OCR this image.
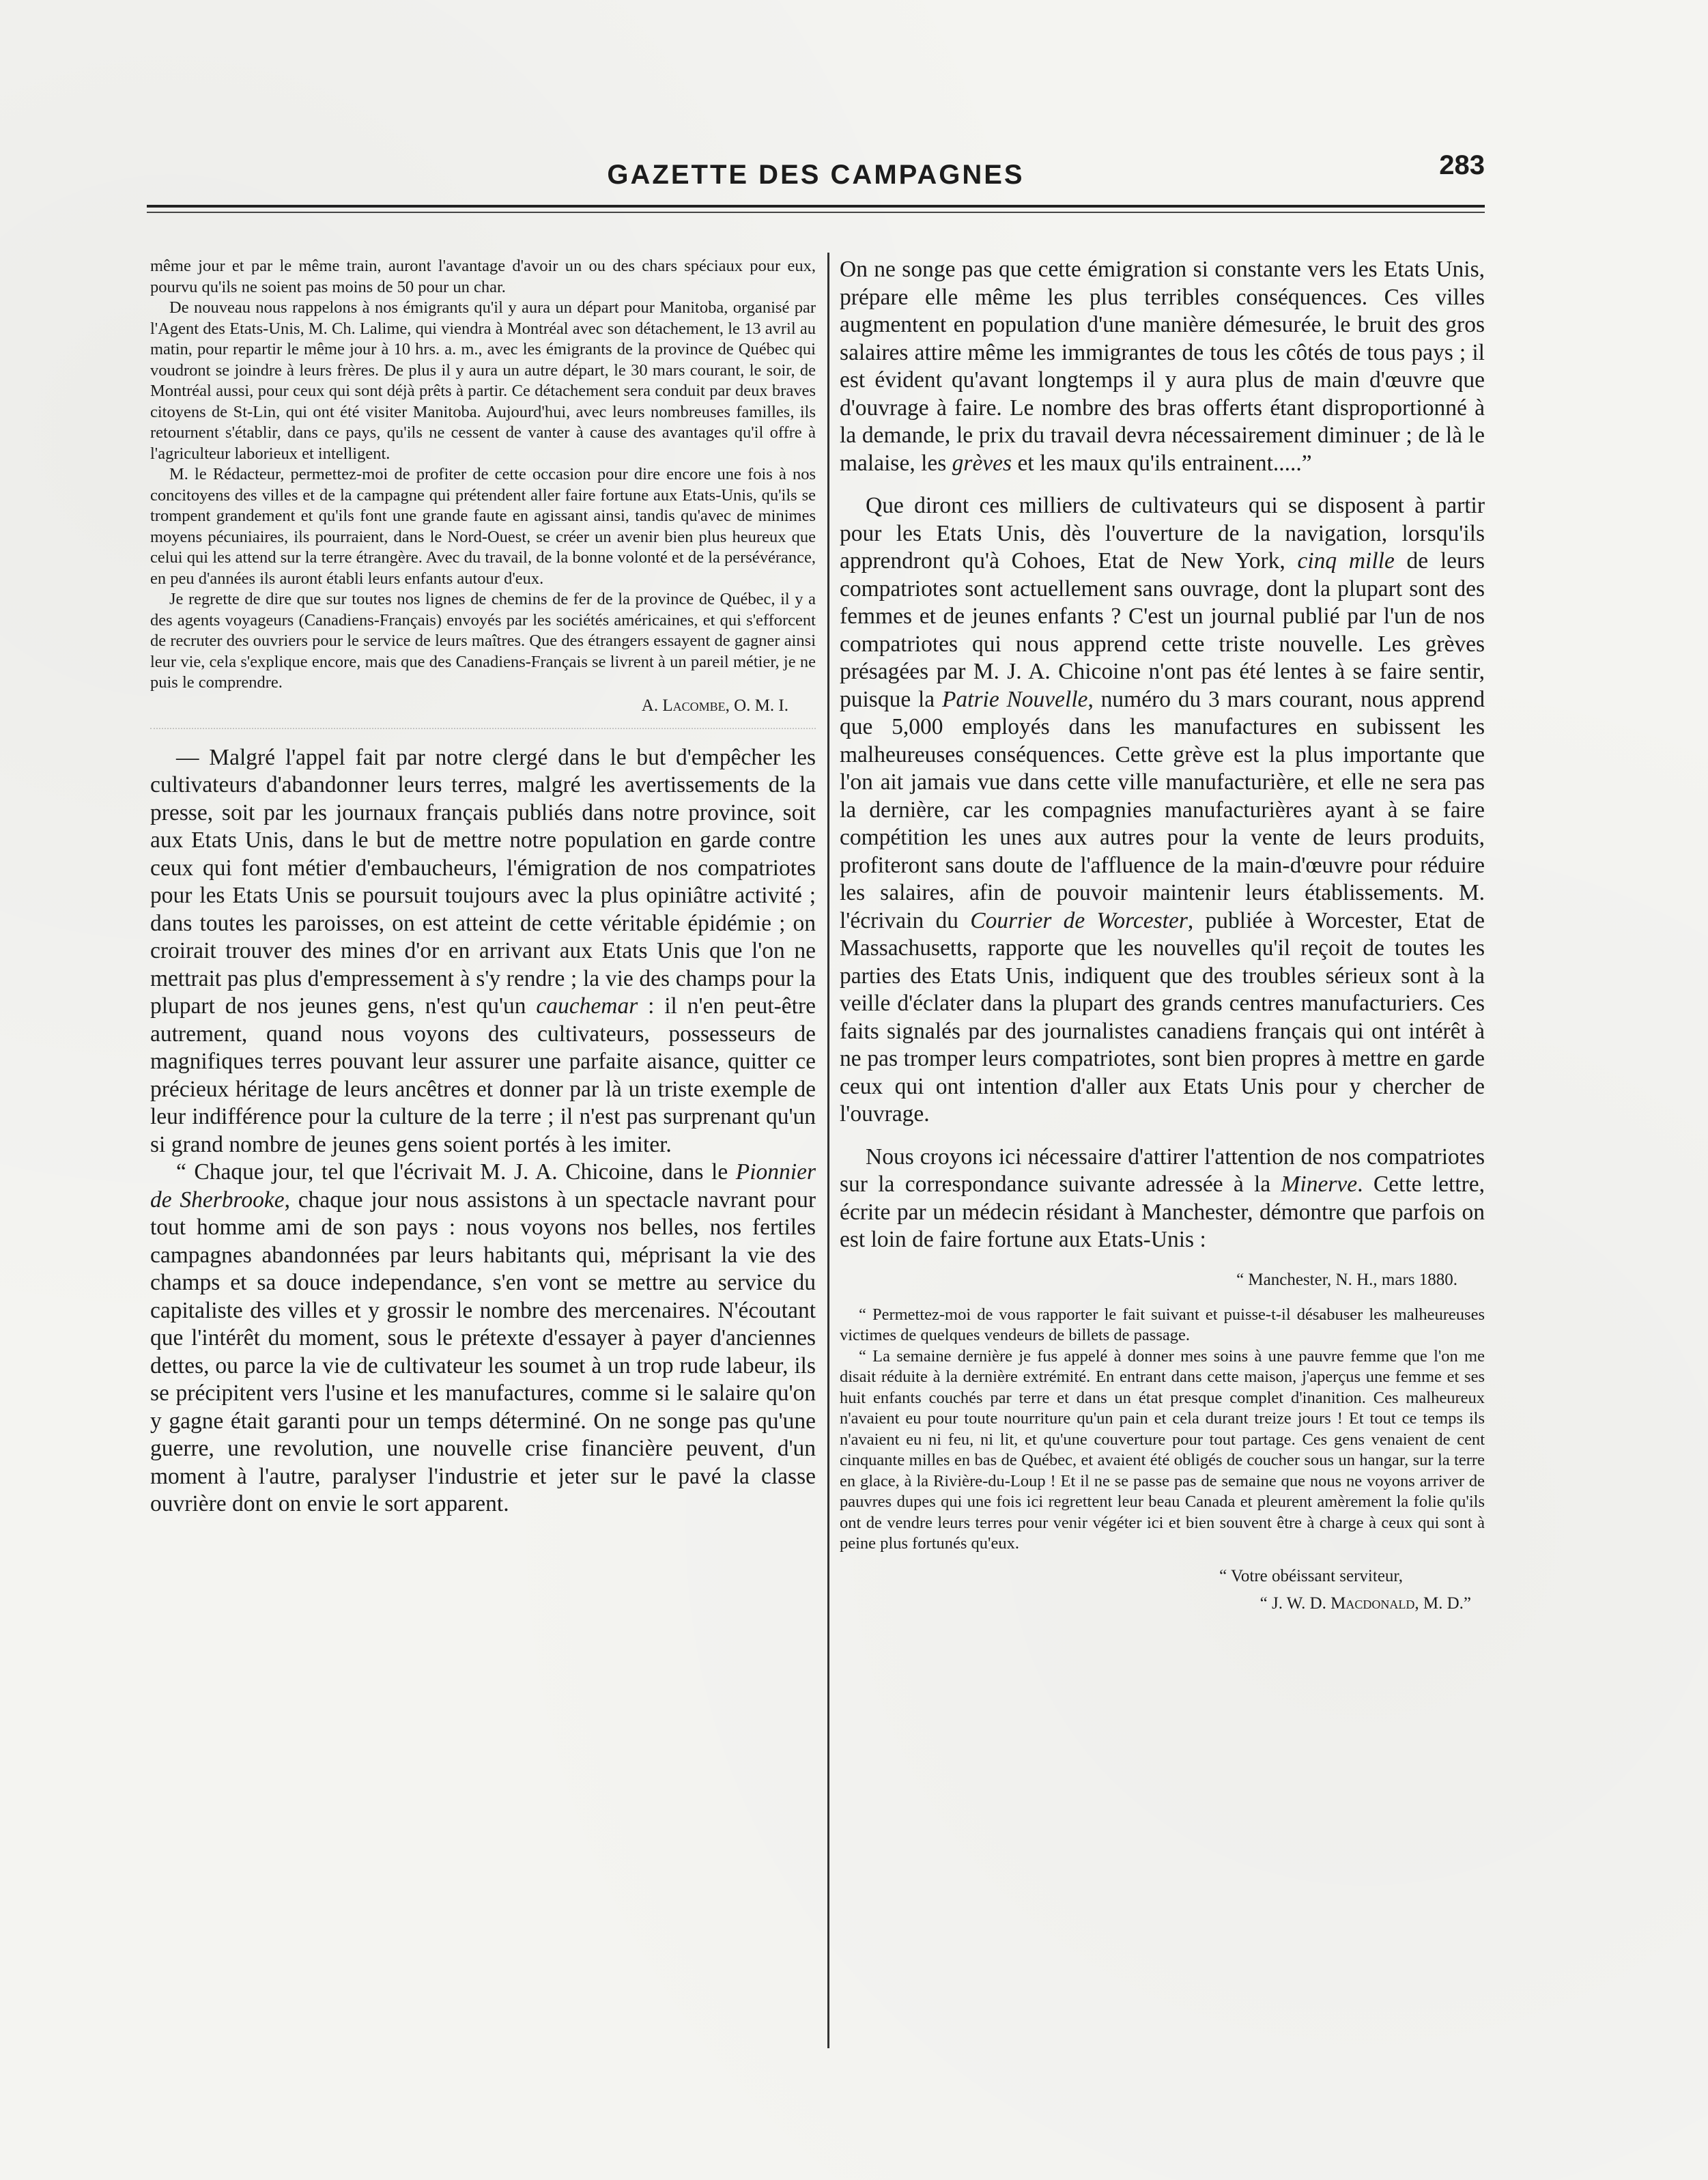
GAZETTE DES CAMPAGNES	283

même jour et par le même train, auront l'avantage d'avoir un ou des chars spéciaux pour eux, pourvu qu'ils ne soient pas moins de 50 pour un char.

De nouveau nous rappelons à nos émigrants qu'il y aura un départ pour Manitoba, organisé par l'Agent des Etats-Unis, M. Ch. Lalime, qui viendra à Montréal avec son détachement, le 13 avril au matin, pour repartir le même jour à 10 hrs. a. m., avec les émigrants de la province de Québec qui voudront se joindre à leurs frères. De plus il y aura un autre départ, le 30 mars courant, le soir, de Montréal aussi, pour ceux qui sont déjà prêts à partir. Ce détachement sera conduit par deux braves citoyens de St-Lin, qui ont été visiter Manitoba. Aujourd'hui, avec leurs nombreuses familles, ils retournent s'établir, dans ce pays, qu'ils ne cessent de vanter à cause des avantages qu'il offre à l'agriculteur laborieux et intelligent.

M. le Rédacteur, permettez-moi de profiter de cette occasion pour dire encore une fois à nos concitoyens des villes et de la campagne qui prétendent aller faire fortune aux Etats-Unis, qu'ils se trompent grandement et qu'ils font une grande faute en agissant ainsi, tandis qu'avec de minimes moyens pécuniaires, ils pourraient, dans le Nord-Ouest, se créer un avenir bien plus heureux que celui qui les attend sur la terre étrangère. Avec du travail, de la bonne volonté et de la persévérance, en peu d'années ils auront établi leurs enfants autour d'eux.

Je regrette de dire que sur toutes nos lignes de chemins de fer de la province de Québec, il y a des agents voyageurs (Canadiens-Français) envoyés par les sociétés américaines, et qui s'efforcent de recruter des ouvriers pour le service de leurs maîtres. Que des étrangers essayent de gagner ainsi leur vie, cela s'explique encore, mais que des Canadiens-Français se livrent à un pareil métier, je ne puis le comprendre.

A. Lacombe, O. M. I.

— Malgré l'appel fait par notre clergé dans le but d'empêcher les cultivateurs d'abandonner leurs terres, malgré les avertissements de la presse, soit par les journaux français publiés dans notre province, soit aux Etats Unis, dans le but de mettre notre population en garde contre ceux qui font métier d'embaucheurs, l'émigration de nos compatriotes pour les Etats Unis se poursuit toujours avec la plus opiniâtre activité ; dans toutes les paroisses, on est atteint de cette véritable épidémie ; on croirait trouver des mines d'or en arrivant aux Etats Unis que l'on ne mettrait pas plus d'empressement à s'y rendre ; la vie des champs pour la plupart de nos jeunes gens, n'est qu'un cauchemar : il n'en peut-être autrement, quand nous voyons des cultivateurs, possesseurs de magnifiques terres pouvant leur assurer une parfaite aisance, quitter ce précieux héritage de leurs ancêtres et donner par là un triste exemple de leur indifférence pour la culture de la terre ; il n'est pas surprenant qu'un si grand nombre de jeunes gens soient portés à les imiter.

“ Chaque jour, tel que l'écrivait M. J. A. Chicoine, dans le Pionnier de Sherbrooke, chaque jour nous assistons à un spectacle navrant pour tout homme ami de son pays : nous voyons nos belles, nos fertiles campagnes abandonnées par leurs habitants qui, méprisant la vie des champs et sa douce independance, s'en vont se mettre au service du capitaliste des villes et y grossir le nombre des mercenaires. N'écoutant que l'intérêt du moment, sous le prétexte d'essayer à payer d'anciennes dettes, ou parce la vie de cultivateur les soumet à un trop rude labeur, ils se précipitent vers l'usine et les manufactures, comme si le salaire qu'on y gagne était garanti pour un temps déterminé. On ne songe pas qu'une guerre, une revolution, une nouvelle crise financière peuvent, d'un moment à l'autre, paralyser l'industrie et jeter sur le pavé la classe ouvrière dont on envie le sort apparent.

On ne songe pas que cette émigration si constante vers les Etats Unis, prépare elle même les plus terribles conséquences. Ces villes augmentent en population d'une manière démesurée, le bruit des gros salaires attire même les immigrantes de tous les côtés de tous pays ; il est évident qu'avant longtemps il y aura plus de main d'œuvre que d'ouvrage à faire. Le nombre des bras offerts étant disproportionné à la demande, le prix du travail devra nécessairement diminuer ; de là le malaise, les grèves et les maux qu'ils entrainent.....”

Que diront ces milliers de cultivateurs qui se disposent à partir pour les Etats Unis, dès l'ouverture de la navigation, lorsqu'ils apprendront qu'à Cohoes, Etat de New York, cinq mille de leurs compatriotes sont actuellement sans ouvrage, dont la plupart sont des femmes et de jeunes enfants ? C'est un journal publié par l'un de nos compatriotes qui nous apprend cette triste nouvelle. Les grèves présagées par M. J. A. Chicoine n'ont pas été lentes à se faire sentir, puisque la Patrie Nouvelle, numéro du 3 mars courant, nous apprend que 5,000 employés dans les manufactures en subissent les malheureuses conséquences. Cette grève est la plus importante que l'on ait jamais vue dans cette ville manufacturière, et elle ne sera pas la dernière, car les compagnies manufacturières ayant à se faire compétition les unes aux autres pour la vente de leurs produits, profiteront sans doute de l'affluence de la main-d'œuvre pour réduire les salaires, afin de pouvoir maintenir leurs établissements. M. l'écrivain du Courrier de Worcester, publiée à Worcester, Etat de Massachusetts, rapporte que les nouvelles qu'il reçoit de toutes les parties des Etats Unis, indiquent que des troubles sérieux sont à la veille d'éclater dans la plupart des grands centres manufacturiers. Ces faits signalés par des journalistes canadiens français qui ont intérêt à ne pas tromper leurs compatriotes, sont bien propres à mettre en garde ceux qui ont intention d'aller aux Etats Unis pour y chercher de l'ouvrage.

Nous croyons ici nécessaire d'attirer l'attention de nos compatriotes sur la correspondance suivante adressée à la Minerve. Cette lettre, écrite par un médecin résidant à Manchester, démontre que parfois on est loin de faire fortune aux Etats-Unis :

“ Manchester, N. H., mars 1880.

“ Permettez-moi de vous rapporter le fait suivant et puisse-t-il désabuser les malheureuses victimes de quelques vendeurs de billets de passage.

“ La semaine dernière je fus appelé à donner mes soins à une pauvre femme que l'on me disait réduite à la dernière extrémité. En entrant dans cette maison, j'aperçus une femme et ses huit enfants couchés par terre et dans un état presque complet d'inanition. Ces malheureux n'avaient eu pour toute nourriture qu'un pain et cela durant treize jours ! Et tout ce temps ils n'avaient eu ni feu, ni lit, et qu'une couverture pour tout partage. Ces gens venaient de cent cinquante milles en bas de Québec, et avaient été obligés de coucher sous un hangar, sur la terre en glace, à la Rivière-du-Loup ! Et il ne se passe pas de semaine que nous ne voyons arriver de pauvres dupes qui une fois ici regrettent leur beau Canada et pleurent amèrement la folie qu'ils ont de vendre leurs terres pour venir végéter ici et bien souvent être à charge à ceux qui sont à peine plus fortunés qu'eux.

“ Votre obéissant serviteur,

“ J. W. D. Macdonald, M. D.”
